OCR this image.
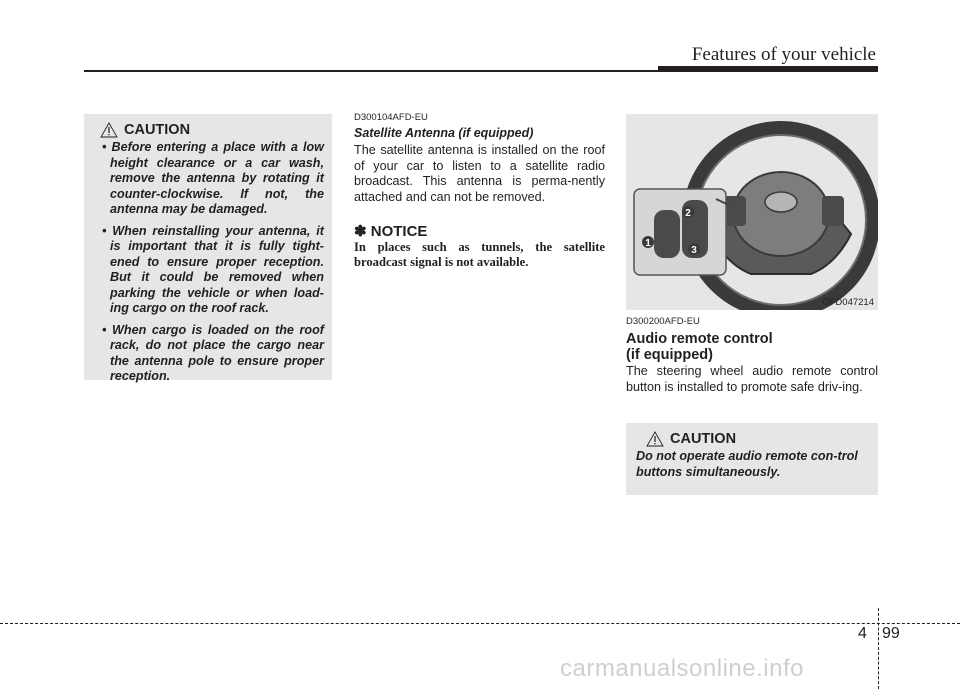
Features of your vehicle
CAUTION
• Before entering a place with a low height clearance or a car wash, remove the antenna by rotating it counter-clockwise. If not, the antenna may be damaged.
• When reinstalling your antenna, it is important that it is fully tight-ened to ensure proper reception. But it could be removed when parking the vehicle or when load-ing cargo on the roof rack.
• When cargo is loaded on the roof rack, do not place the cargo near the antenna pole to ensure proper reception.
D300104AFD-EU
Satellite Antenna (if equipped)
The satellite antenna is installed on the roof of your car to listen to a satellite radio broadcast. This antenna is perma-nently attached and can not be removed.
✽ NOTICE
In places such as tunnels, the satellite broadcast signal is not available.
1
2
3
OFD047214
D300200AFD-EU
Audio remote control
(if equipped)
The steering wheel audio remote control button is installed to promote safe driv-ing.
CAUTION
Do not operate audio remote con-trol buttons simultaneously.
4 99
carmanualsonline.info
